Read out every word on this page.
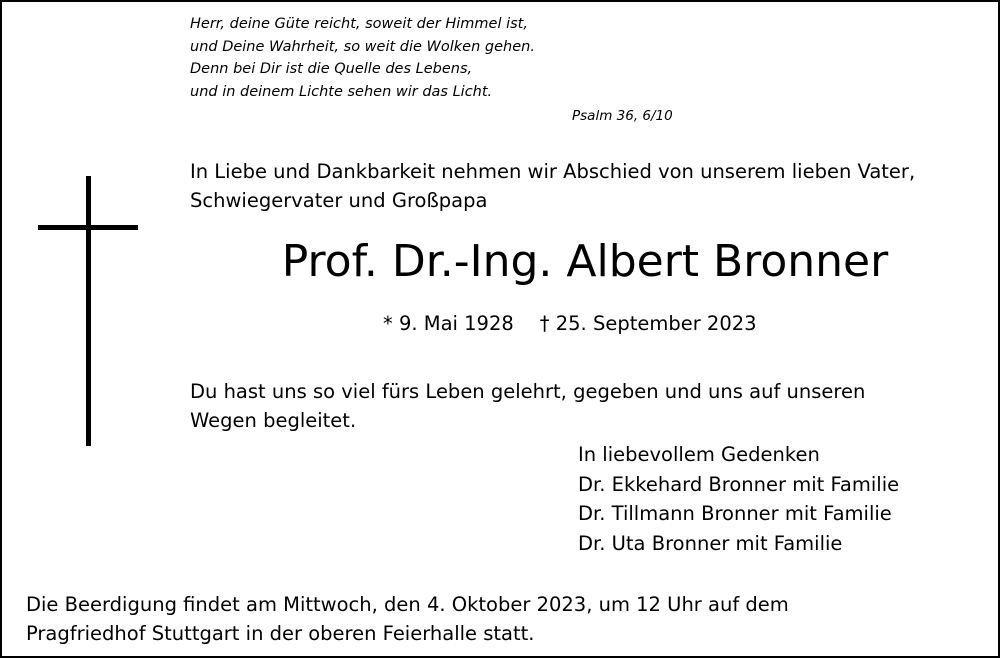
Herr, deine Güte reicht, soweit der Himmel ist,
und Deine Wahrheit, so weit die Wolken gehen.
Denn bei Dir ist die Quelle des Lebens,
und in deinem Lichte sehen wir das Licht.
Psalm 36, 6/10
In Liebe und Dankbarkeit nehmen wir Abschied von unserem lieben Vater,
Schwiegervater und Großpapa
Prof. Dr.-Ing. Albert Bronner
* 9. Mai 1928 † 25. September 2023
Du hast uns so viel fürs Leben gelehrt, gegeben und uns auf unseren
Wegen begleitet.
In liebevollem Gedenken
Dr. Ekkehard Bronner mit Familie
Dr. Tillmann Bronner mit Familie
Dr. Uta Bronner mit Familie
Die Beerdigung findet am Mittwoch, den 4. Oktober 2023, um 12 Uhr auf dem
Pragfriedhof Stuttgart in der oberen Feierhalle statt.
